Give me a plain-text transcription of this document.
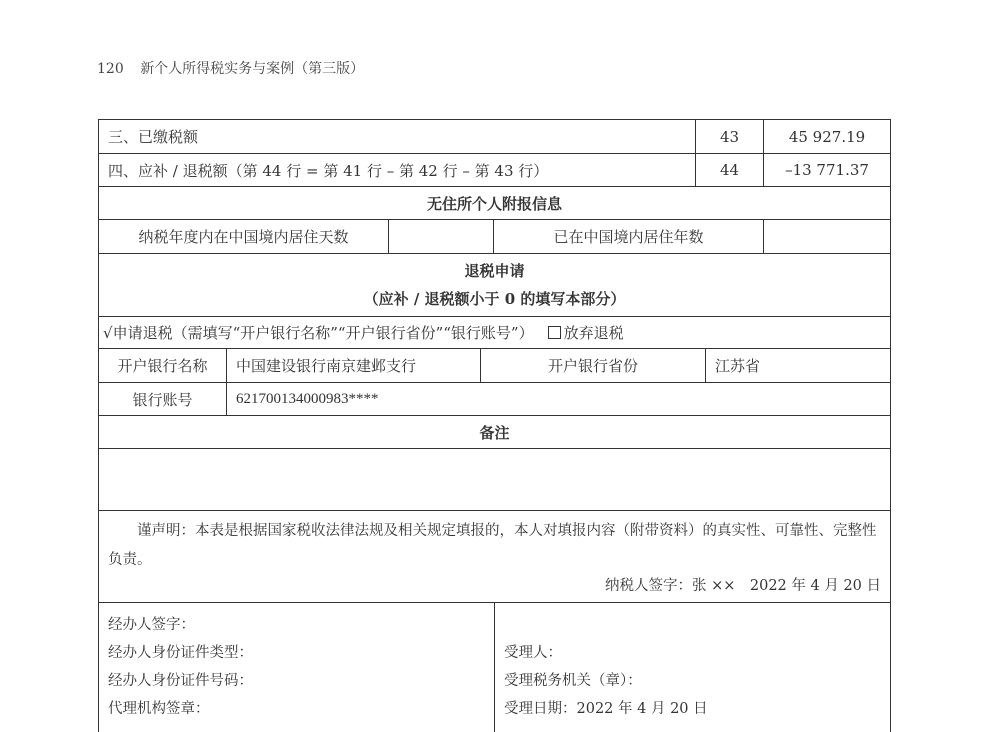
120 新个人所得税实务与案例（第三版）
三、已缴税额	43	45 927.19
四、应补 / 退税额（第 44 行 = 第 41 行 – 第 42 行 – 第 43 行）	44	–13 771.37
无住所个人附报信息
纳税年度内在中国境内居住天数	已在中国境内居住年数
退税申请
（应补 / 退税额小于 0 的填写本部分）
√ 申请退税（需填写“开户银行名称”“开户银行省份”“银行账号”）	放弃退税
开户银行名称	中国建设银行南京建邺支行	开户银行省份	江苏省
银行账号	621700134000983****
备注
谨声明：本表是根据国家税收法律法规及相关规定填报的，本人对填报内容（附带资料）的真实性、可靠性、完整性负责。
纳税人签字：张 ××　2022 年 4 月 20 日
经办人签字：
经办人身份证件类型：
经办人身份证件号码：
代理机构签章：
受理人：
受理税务机关（章）：
受理日期：2022 年 4 月 20 日
